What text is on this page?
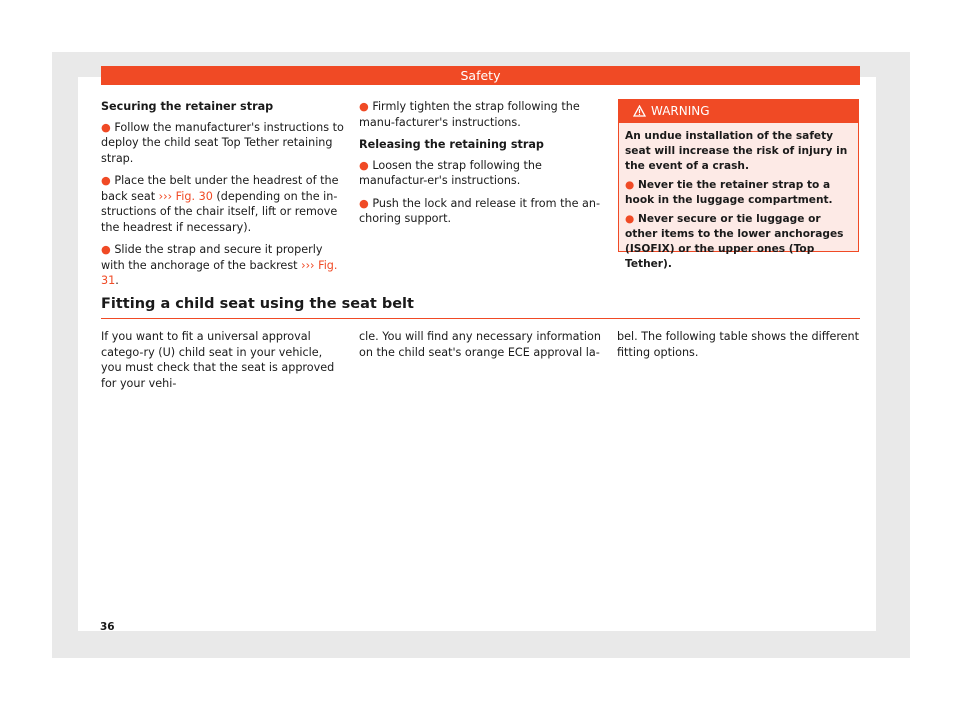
Safety
Securing the retainer strap

● Follow the manufacturer's instructions to deploy the child seat Top Tether retaining strap.

● Place the belt under the headrest of the back seat ››› Fig. 30 (depending on the in-structions of the chair itself, lift or remove the headrest if necessary).

● Slide the strap and secure it properly with the anchorage of the backrest ››› Fig. 31.

● Firmly tighten the strap following the manu-facturer's instructions.

Releasing the retaining strap

● Loosen the strap following the manufactur-er's instructions.

● Push the lock and release it from the an-choring support.

WARNING

An undue installation of the safety seat will increase the risk of injury in the event of a crash.

● Never tie the retainer strap to a hook in the luggage compartment.

● Never secure or tie luggage or other items to the lower anchorages (ISOFIX) or the upper ones (Top Tether).

Fitting a child seat using the seat belt

If you want to fit a universal approval catego-ry (U) child seat in your vehicle, you must check that the seat is approved for your vehi-

cle. You will find any necessary information on the child seat's orange ECE approval la-

bel. The following table shows the different fitting options.

36
